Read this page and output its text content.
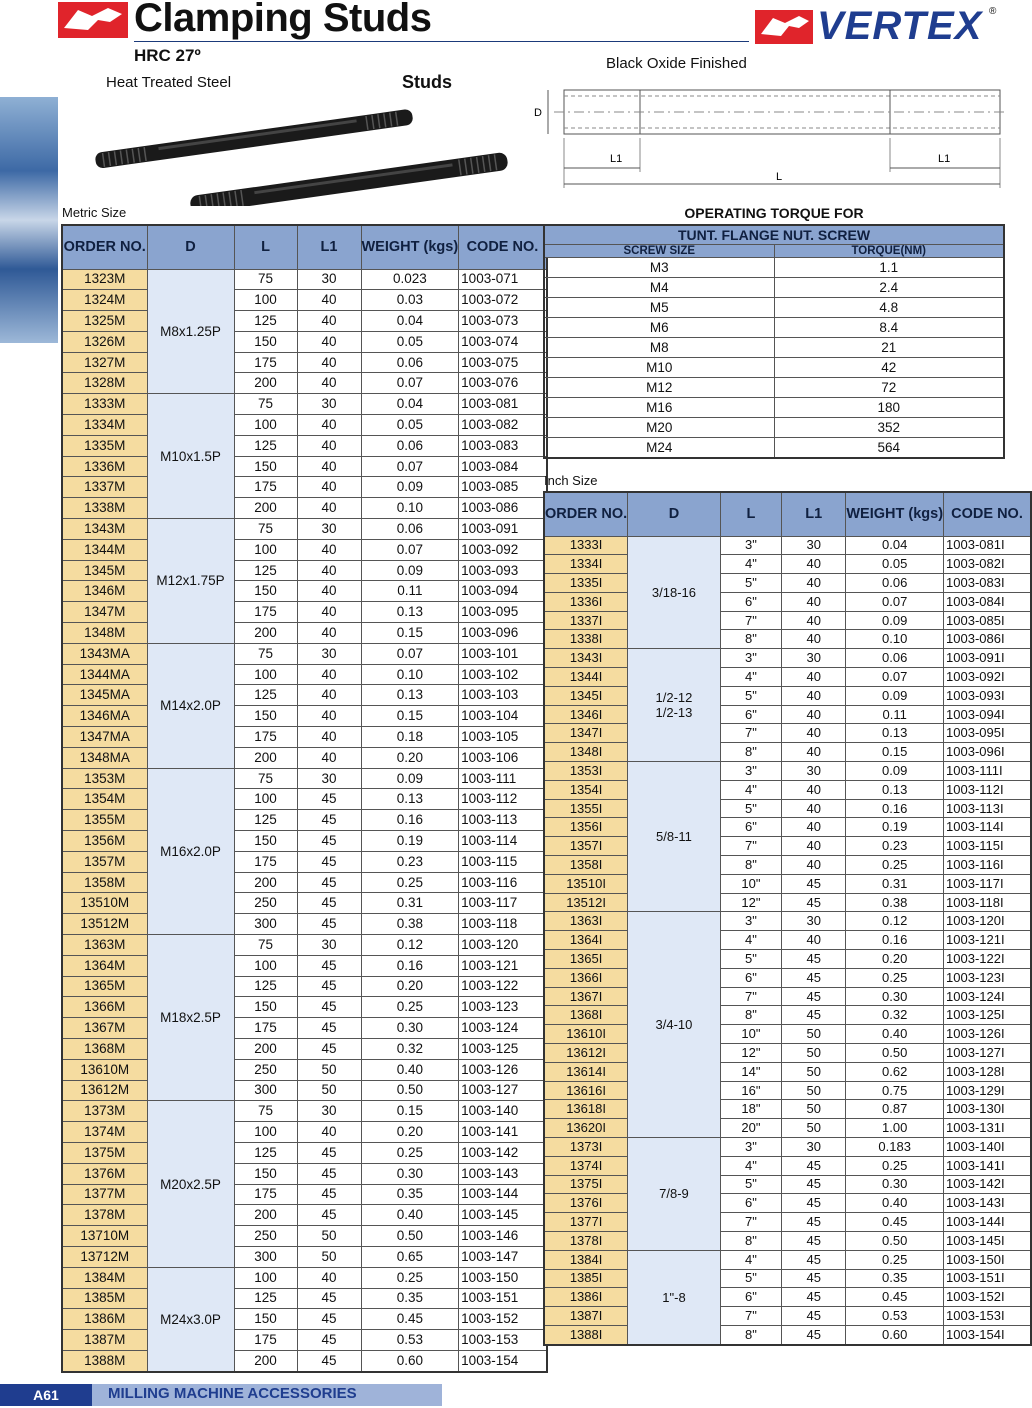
Clamping Studs
HRC 27º
Heat Treated Steel	Studs
Black Oxide Finished
VERTEX ®
D
L1	L1
L
Metric Size
ORDER NO.	D	L	L1	WEIGHT (kgs)	CODE NO.
1323M	M8x1.25P	75	30	0.023	1003-071
1324M		100	40	0.03	1003-072
1325M		125	40	0.04	1003-073
1326M		150	40	0.05	1003-074
1327M		175	40	0.06	1003-075
1328M		200	40	0.07	1003-076
1333M	M10x1.5P	75	30	0.04	1003-081
1334M		100	40	0.05	1003-082
1335M		125	40	0.06	1003-083
1336M		150	40	0.07	1003-084
1337M		175	40	0.09	1003-085
1338M		200	40	0.10	1003-086
1343M	M12x1.75P	75	30	0.06	1003-091
1344M		100	40	0.07	1003-092
1345M		125	40	0.09	1003-093
1346M		150	40	0.11	1003-094
1347M		175	40	0.13	1003-095
1348M		200	40	0.15	1003-096
1343MA	M14x2.0P	75	30	0.07	1003-101
1344MA		100	40	0.10	1003-102
1345MA		125	40	0.13	1003-103
1346MA		150	40	0.15	1003-104
1347MA		175	40	0.18	1003-105
1348MA		200	40	0.20	1003-106
1353M	M16x2.0P	75	30	0.09	1003-111
1354M		100	45	0.13	1003-112
1355M		125	45	0.16	1003-113
1356M		150	45	0.19	1003-114
1357M		175	45	0.23	1003-115
1358M		200	45	0.25	1003-116
13510M		250	45	0.31	1003-117
13512M		300	45	0.38	1003-118
1363M	M18x2.5P	75	30	0.12	1003-120
1364M		100	45	0.16	1003-121
1365M		125	45	0.20	1003-122
1366M		150	45	0.25	1003-123
1367M		175	45	0.30	1003-124
1368M		200	45	0.32	1003-125
13610M		250	50	0.40	1003-126
13612M		300	50	0.50	1003-127
1373M	M20x2.5P	75	30	0.15	1003-140
1374M		100	40	0.20	1003-141
1375M		125	45	0.25	1003-142
1376M		150	45	0.30	1003-143
1377M		175	45	0.35	1003-144
1378M		200	45	0.40	1003-145
13710M		250	50	0.50	1003-146
13712M		300	50	0.65	1003-147
1384M	M24x3.0P	100	40	0.25	1003-150
1385M		125	45	0.35	1003-151
1386M		150	45	0.45	1003-152
1387M		175	45	0.53	1003-153
1388M		200	45	0.60	1003-154
OPERATING TORQUE FOR
TUNT. FLANGE NUT. SCREW	
SCREW SIZE	TORQUE(NM)
M3	1.1
M4	2.4
M5	4.8
M6	8.4
M8	21
M10	42
M12	72
M16	180
M20	352
M24	564
Inch Size
ORDER NO.	D	L	L1	WEIGHT (kgs)	CODE NO.
1333I	3/18-16	3"	30	0.04	1003-081I
1334I		4"	40	0.05	1003-082I
1335I		5"	40	0.06	1003-083I
1336I		6"	40	0.07	1003-084I
1337I		7"	40	0.09	1003-085I
1338I		8"	40	0.10	1003-086I
1343I	1/2-12
1/2-13	3"	30	0.06	1003-091I
1344I		4"	40	0.07	1003-092I
1345I		5"	40	0.09	1003-093I
1346I		6"	40	0.11	1003-094I
1347I		7"	40	0.13	1003-095I
1348I		8"	40	0.15	1003-096I
1353I	5/8-11	3"	30	0.09	1003-111I
1354I		4"	40	0.13	1003-112I
1355I		5"	40	0.16	1003-113I
1356I		6"	40	0.19	1003-114I
1357I		7"	40	0.23	1003-115I
1358I		8"	40	0.25	1003-116I
13510I		10"	45	0.31	1003-117I
13512I		12"	45	0.38	1003-118I
1363I	3/4-10	3"	30	0.12	1003-120I
1364I		4"	40	0.16	1003-121I
1365I		5"	45	0.20	1003-122I
1366I		6"	45	0.25	1003-123I
1367I		7"	45	0.30	1003-124I
1368I		8"	45	0.32	1003-125I
13610I		10"	50	0.40	1003-126I
13612I		12"	50	0.50	1003-127I
13614I		14"	50	0.62	1003-128I
13616I		16"	50	0.75	1003-129I
13618I		18"	50	0.87	1003-130I
13620I		20"	50	1.00	1003-131I
1373I	7/8-9	3"	30	0.183	1003-140I
1374I		4"	45	0.25	1003-141I
1375I		5"	45	0.30	1003-142I
1376I		6"	45	0.40	1003-143I
1377I		7"	45	0.45	1003-144I
1378I		8"	45	0.50	1003-145I
1384I	1"-8	4"	45	0.25	1003-150I
1385I		5"	45	0.35	1003-151I
1386I		6"	45	0.45	1003-152I
1387I		7"	45	0.53	1003-153I
1388I		8"	45	0.60	1003-154I
A61	MILLING MACHINE ACCESSORIES
